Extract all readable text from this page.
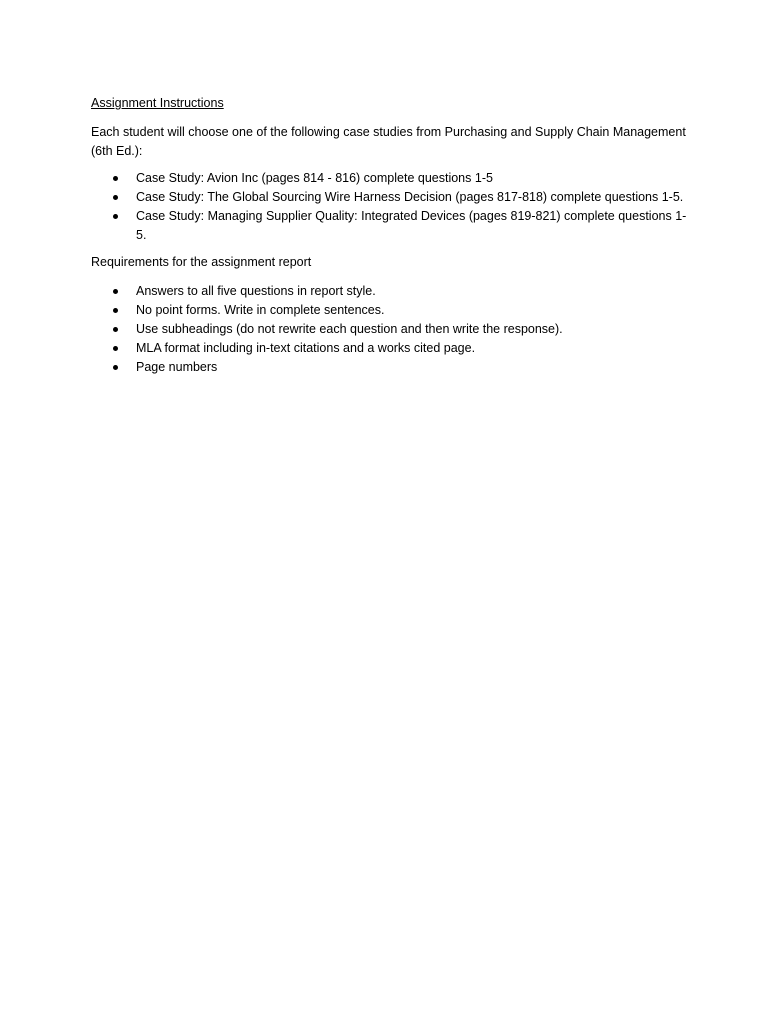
Assignment Instructions
Each student will choose one of the following case studies from Purchasing and Supply Chain Management (6th Ed.):
Case Study: Avion Inc (pages 814 - 816) complete questions 1-5
Case Study: The Global Sourcing Wire Harness Decision (pages 817-818) complete questions 1-5.
Case Study: Managing Supplier Quality: Integrated Devices (pages 819-821) complete questions 1-5.
Requirements for the assignment report
Answers to all five questions in report style.
No point forms. Write in complete sentences.
Use subheadings (do not rewrite each question and then write the response).
MLA format including in-text citations and a works cited page.
Page numbers
